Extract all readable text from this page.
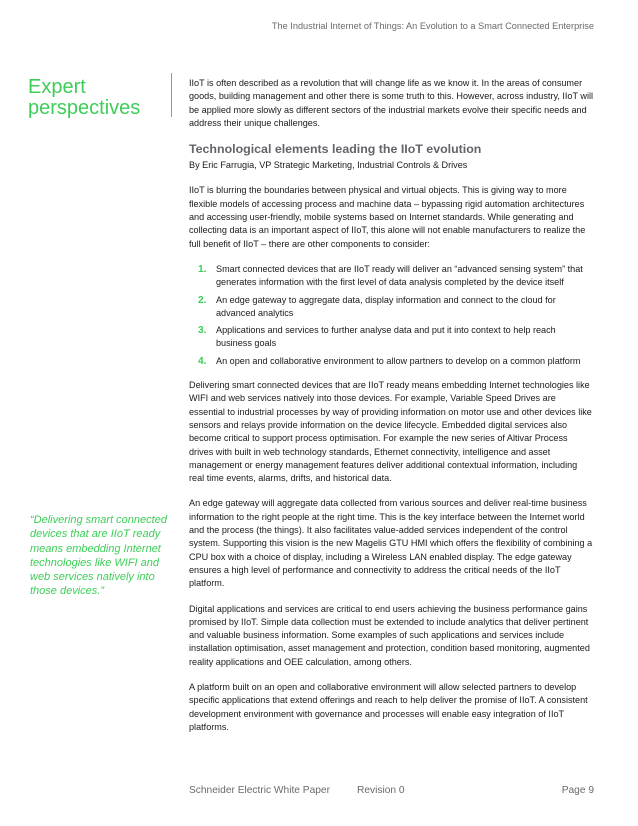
The Industrial Internet of Things: An Evolution to a Smart Connected Enterprise
Expert perspectives
“Delivering smart connected devices that are IIoT ready means embedding Internet technologies like WIFI and web services natively into those devices.”

IIoT is often described as a revolution that will change life as we know it. In the areas of consumer goods, building management and other there is some truth to this. However, across industry, IIoT will be applied more slowly as different sectors of the industrial markets evolve their specific needs and address their unique challenges.

Technological elements leading the IIoT evolution

By Eric Farrugia, VP Strategic Marketing, Industrial Controls & Drives

IIoT is blurring the boundaries between physical and virtual objects. This is giving way to more flexible models of accessing process and machine data – bypassing rigid automation architectures and accessing user-friendly, mobile systems based on Internet standards. While generating and collecting data is an important aspect of IIoT, this alone will not enable manufacturers to realize the full benefit of IIoT – there are other components to consider:

1. Smart connected devices that are IIoT ready will deliver an “advanced sensing system” that generates information with the first level of data analysis completed by the device itself
2. An edge gateway to aggregate data, display information and connect to the cloud for advanced analytics
3. Applications and services to further analyse data and put it into context to help reach business goals
4. An open and collaborative environment to allow partners to develop on a common platform

Delivering smart connected devices that are IIoT ready means embedding Internet technologies like WIFI and web services natively into those devices. For example, Variable Speed Drives are essential to industrial processes by way of providing information on motor use and other devices like sensors and relays provide information on the device lifecycle. Embedded digital services also become critical to support process optimisation. For example the new series of Altivar Process drives with built in web technology standards, Ethernet connectivity, intelligence and asset management or energy management features deliver additional contextual information, including real time events, alarms, drifts, and historical data.

An edge gateway will aggregate data collected from various sources and deliver real-time business information to the right people at the right time. This is the key interface between the Internet world and the process (the things). It also facilitates value-added services independent of the control system. Supporting this vision is the new Magelis GTU HMI which offers the flexibility of combining a CPU box with a choice of display, including a Wireless LAN enabled display. The edge gateway ensures a high level of performance and connectivity to address the critical needs of the IIoT platform.

Digital applications and services are critical to end users achieving the business performance gains promised by IIoT. Simple data collection must be extended to include analytics that deliver pertinent and valuable business information. Some examples of such applications and services include installation optimisation, asset management and protection, condition based monitoring, augmented reality applications and OEE calculation, among others.

A platform built on an open and collaborative environment will allow selected partners to develop specific applications that extend offerings and reach to help deliver the promise of IIoT. A consistent development environment with governance and processes will enable easy integration of IIoT platforms.

Schneider Electric White Paper	Revision 0	Page 9
